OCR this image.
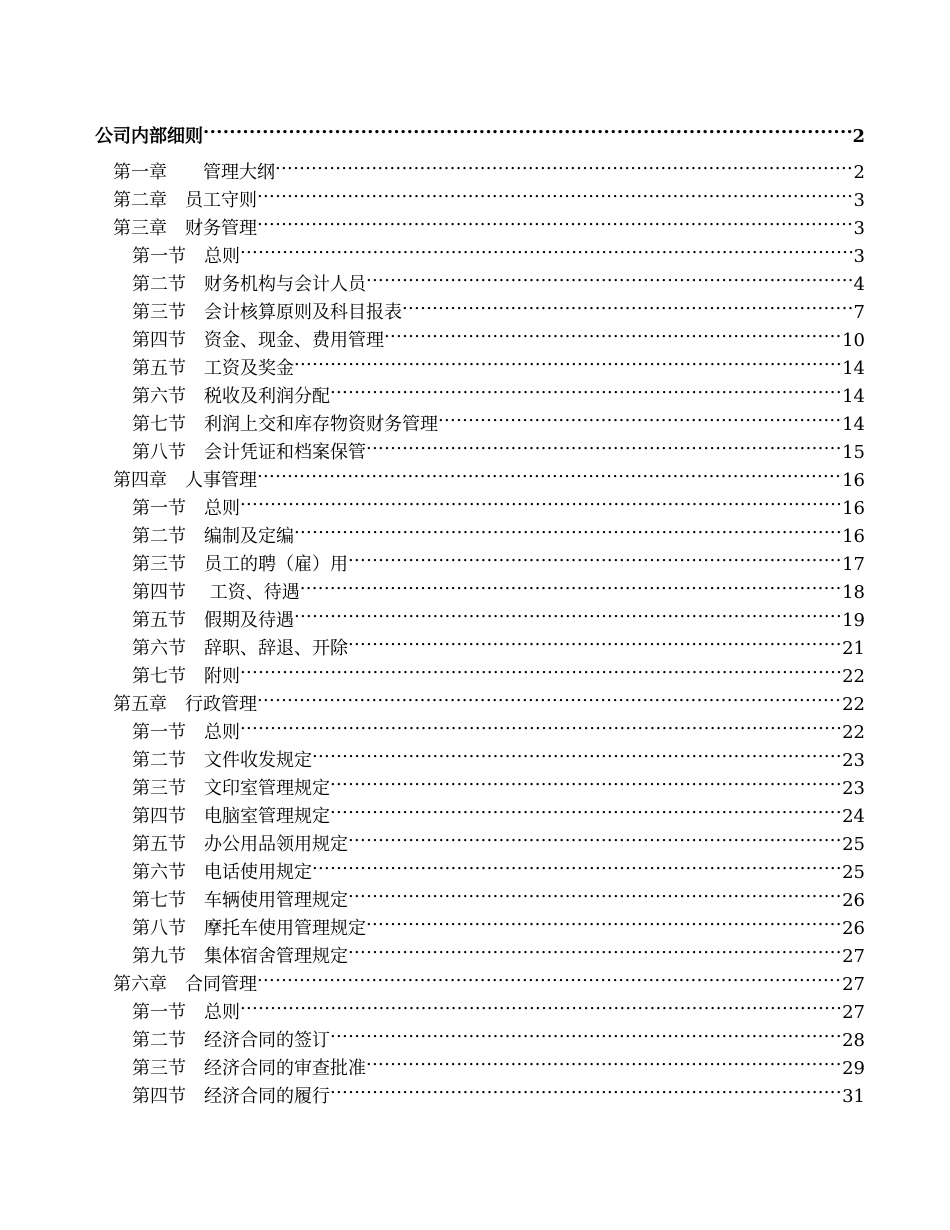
公司内部细则 .....	2
第一章　　管理大纲 .....	2
第二章　员工守则 .....	3
第三章　财务管理 .....	3
第一节　总则 .....	3
第二节　财务机构与会计人员 .....	4
第三节　会计核算原则及科目报表 .....	7
第四节　资金、现金、费用管理 .....	10
第五节　工资及奖金 .....	14
第六节　税收及利润分配 .....	14
第七节　利润上交和库存物资财务管理 .....	14
第八节　会计凭证和档案保管 .....	15
第四章　人事管理 .....	16
第一节　总则 .....	16
第二节　编制及定编 .....	16
第三节　员工的聘（雇）用 .....	17
第四节　 工资、待遇 .....	18
第五节　假期及待遇 .....	19
第六节　辞职、辞退、开除 .....	21
第七节　附则 .....	22
第五章　行政管理 .....	22
第一节　总则 .....	22
第二节　文件收发规定 .....	23
第三节　文印室管理规定 .....	23
第四节　电脑室管理规定 .....	24
第五节　办公用品领用规定 .....	25
第六节　电话使用规定 .....	25
第七节　车辆使用管理规定 .....	26
第八节　摩托车使用管理规定 .....	26
第九节　集体宿舍管理规定 .....	27
第六章　合同管理 .....	27
第一节　总则 .....	27
第二节　经济合同的签订 .....	28
第三节　经济合同的审查批准 .....	29
第四节　经济合同的履行 .....	31
